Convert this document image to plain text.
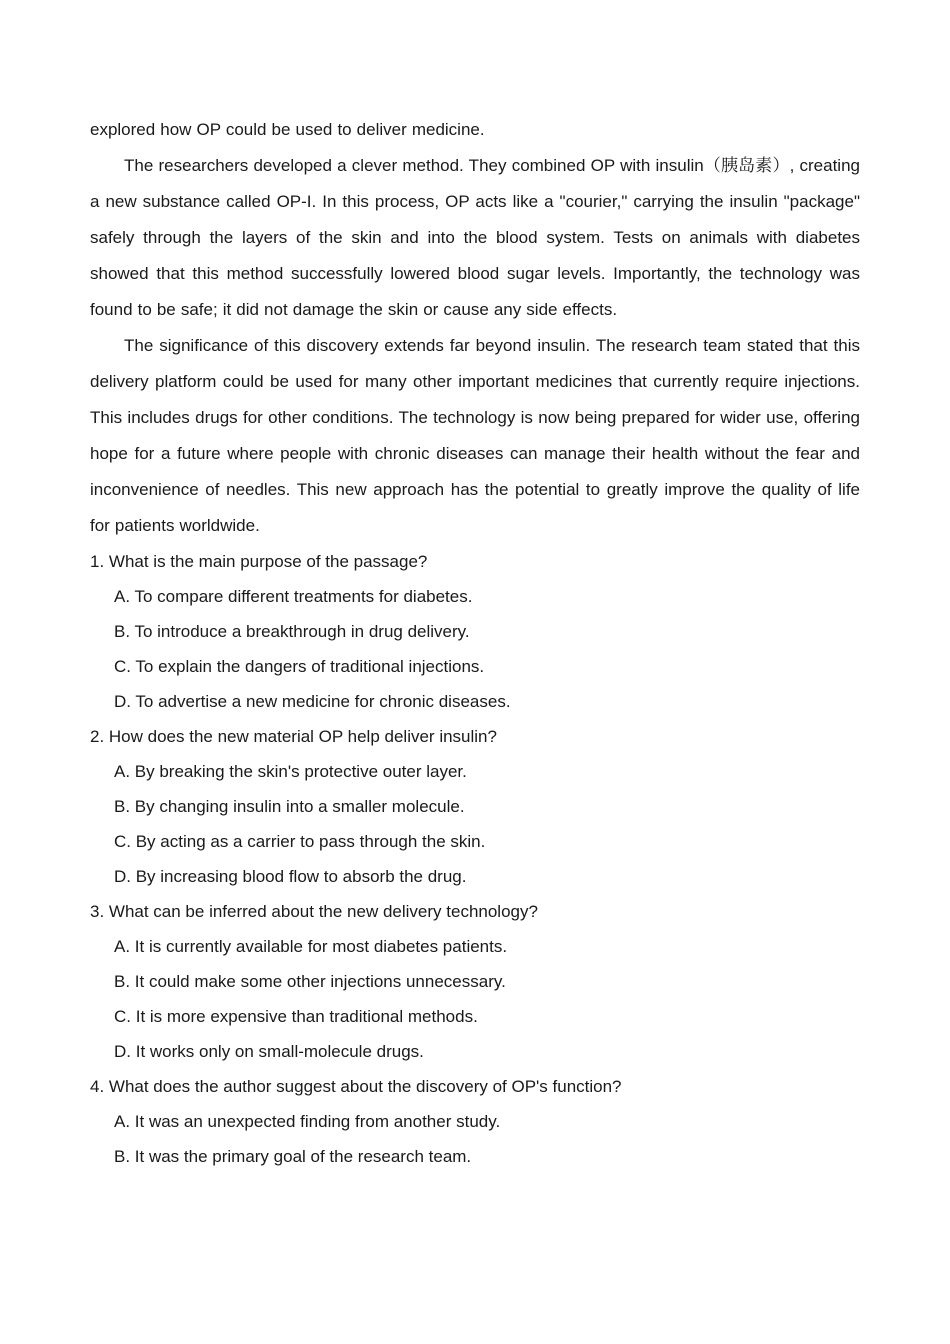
explored how OP could be used to deliver medicine.

The researchers developed a clever method. They combined OP with insulin（胰岛素）, creating a new substance called OP-I. In this process, OP acts like a "courier," carrying the insulin "package" safely through the layers of the skin and into the blood system. Tests on animals with diabetes showed that this method successfully lowered blood sugar levels. Importantly, the technology was found to be safe; it did not damage the skin or cause any side effects.

The significance of this discovery extends far beyond insulin. The research team stated that this delivery platform could be used for many other important medicines that currently require injections. This includes drugs for other conditions. The technology is now being prepared for wider use, offering hope for a future where people with chronic diseases can manage their health without the fear and inconvenience of needles. This new approach has the potential to greatly improve the quality of life for patients worldwide.

1. What is the main purpose of the passage?

A. To compare different treatments for diabetes.

B. To introduce a breakthrough in drug delivery.

C. To explain the dangers of traditional injections.

D. To advertise a new medicine for chronic diseases.

2. How does the new material OP help deliver insulin?

A. By breaking the skin's protective outer layer.

B. By changing insulin into a smaller molecule.

C. By acting as a carrier to pass through the skin.

D. By increasing blood flow to absorb the drug.

3. What can be inferred about the new delivery technology?

A. It is currently available for most diabetes patients.

B. It could make some other injections unnecessary.

C. It is more expensive than traditional methods.

D. It works only on small-molecule drugs.

4. What does the author suggest about the discovery of OP's function?

A. It was an unexpected finding from another study.

B. It was the primary goal of the research team.
